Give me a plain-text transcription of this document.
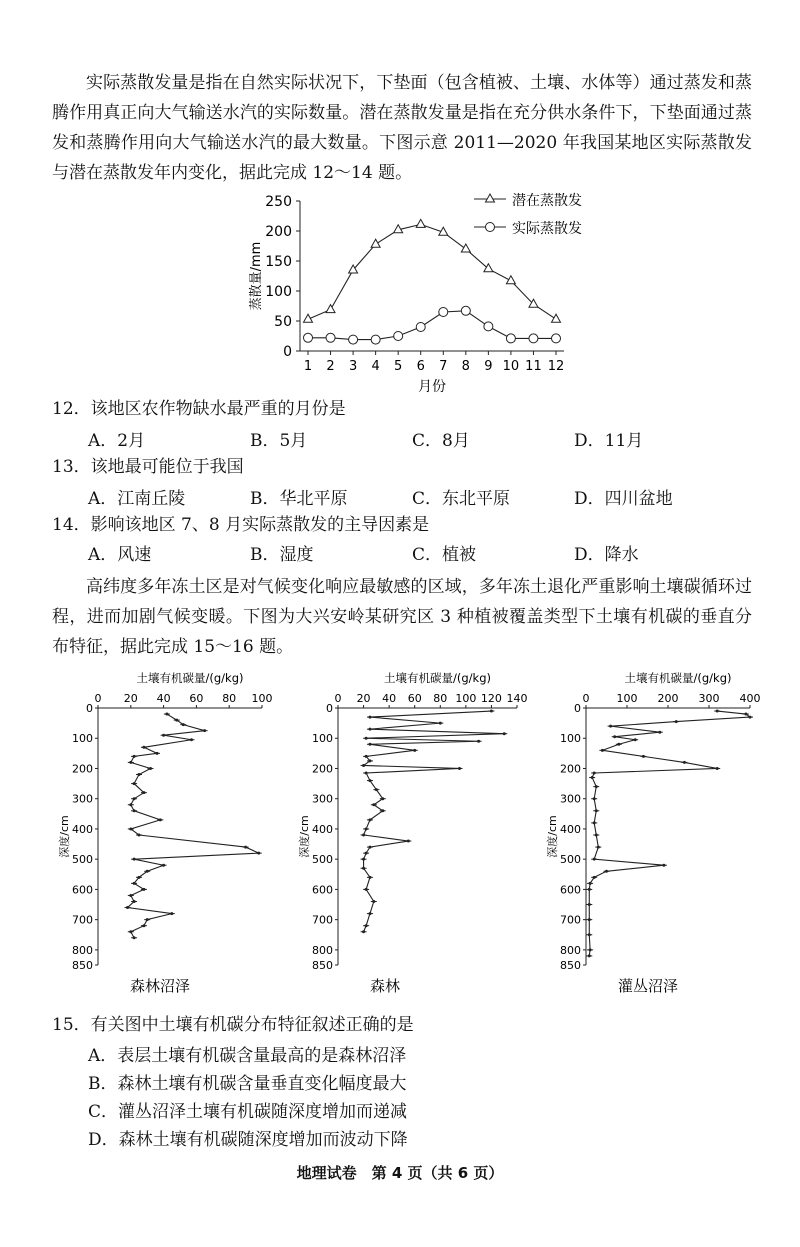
实际蒸散发量是指在自然实际状况下，下垫面（包含植被、土壤、水体等）通过蒸发和蒸腾作用真正向大气输送水汽的实际数量。潜在蒸散发量是指在充分供水条件下，下垫面通过蒸发和蒸腾作用向大气输送水汽的最大数量。下图示意 2011—2020 年我国某地区实际蒸散发与潜在蒸散发年内变化，据此完成 12～14 题。

0
50
100
150
200
250
1 2 3 4 5 6 7 8 9 10 11 12
月份
蒸散量/mm
潜在蒸散发
实际蒸散发
12．该地区农作物缺水最严重的月份是
A．2月	B．5月	C．8月	D．11月
13．该地最可能位于我国
A．江南丘陵	B．华北平原	C．东北平原	D．四川盆地
14．影响该地区 7、8 月实际蒸散发的主导因素是
A．风速	B．湿度	C．植被	D．降水

高纬度多年冻土区是对气候变化响应最敏感的区域，多年冻土退化严重影响土壤碳循环过程，进而加剧气候变暖。下图为大兴安岭某研究区 3 种植被覆盖类型下土壤有机碳的垂直分布特征，据此完成 15～16 题。

土壤有机碳量/(g/kg)
0 20 40 60 80 100
0
100
200
300
400
500
600
700
800
850
深度/cm
森林沼泽
土壤有机碳量/(g/kg)
0 20 40 60 80 100 120 140
0
100
200
300
400
500
600
700
800
850
深度/cm
森林
土壤有机碳量/(g/kg)
0 100 200 300 400
0
100
200
300
400
500
600
700
800
850
深度/cm
灌丛沼泽
15．有关图中土壤有机碳分布特征叙述正确的是
A．表层土壤有机碳含量最高的是森林沼泽
B．森林土壤有机碳含量垂直变化幅度最大
C．灌丛沼泽土壤有机碳随深度增加而递减
D．森林土壤有机碳随深度增加而波动下降
地理试卷　第 4 页（共 6 页）
